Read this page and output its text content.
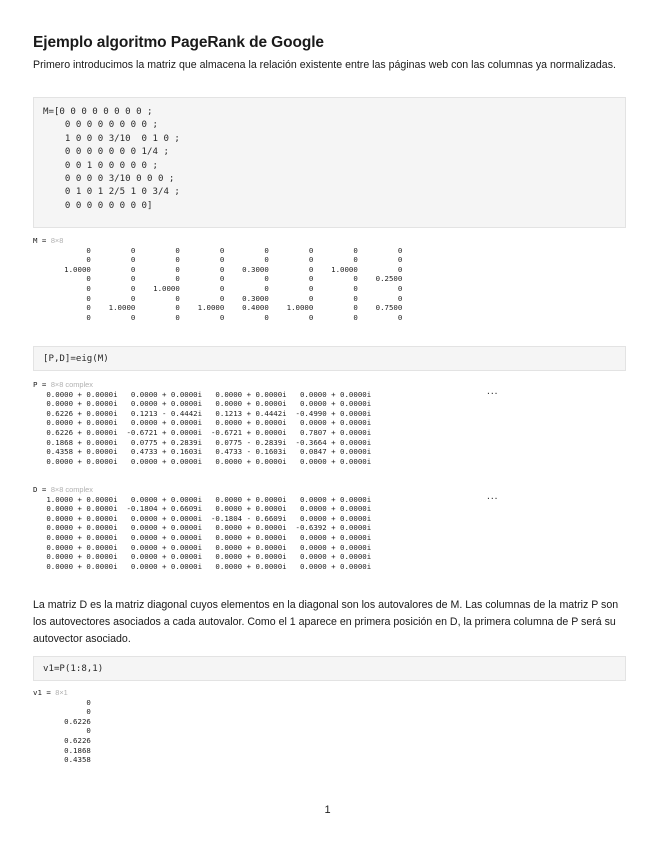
Ejemplo algoritmo PageRank de Google

Primero introducimos la matriz que almacena la relación existente entre las páginas web con las columnas ya normalizadas.

M=[0 0 0 0 0 0 0 0 ;
0 0 0 0 0 0 0 0 ;
1 0 0 0 3/10  0 1 0 ;
0 0 0 0 0 0 0 1/4 ;
0 0 1 0 0 0 0 0 ;
0 0 0 0 3/10 0 0 0 ;
0 1 0 1 2/5 1 0 3/4 ;
0 0 0 0 0 0 0 0]
M = 8×8
0         0         0         0         0         0         0         0
0         0         0         0         0         0         0         0
1.0000         0         0         0    0.3000         0    1.0000         0
0         0         0         0         0         0         0    0.2500
0         0    1.0000         0         0         0         0         0
0         0         0         0    0.3000         0         0         0
0    1.0000         0    1.0000    0.4000    1.0000         0    0.7500
0         0         0         0         0         0         0         0
[P,D]=eig(M)
P = 8×8 complex
0.0000 + 0.0000i   0.0000 + 0.0000i   0.0000 + 0.0000i   0.0000 + 0.0000i
0.0000 + 0.0000i   0.0000 + 0.0000i   0.0000 + 0.0000i   0.0000 + 0.0000i
0.6226 + 0.0000i   0.1213 - 0.4442i   0.1213 + 0.4442i  -0.4990 + 0.0000i
0.0000 + 0.0000i   0.0000 + 0.0000i   0.0000 + 0.0000i   0.0000 + 0.0000i
0.6226 + 0.0000i  -0.6721 + 0.0000i  -0.6721 + 0.0000i   0.7807 + 0.0000i
0.1868 + 0.0000i   0.0775 + 0.2839i   0.0775 - 0.2839i  -0.3664 + 0.0000i
0.4358 + 0.0000i   0.4733 + 0.1603i   0.4733 - 0.1603i   0.0847 + 0.0000i
0.0000 + 0.0000i   0.0000 + 0.0000i   0.0000 + 0.0000i   0.0000 + 0.0000i
···
D = 8×8 complex
1.0000 + 0.0000i   0.0000 + 0.0000i   0.0000 + 0.0000i   0.0000 + 0.0000i
0.0000 + 0.0000i  -0.1804 + 0.6609i   0.0000 + 0.0000i   0.0000 + 0.0000i
0.0000 + 0.0000i   0.0000 + 0.0000i  -0.1804 - 0.6609i   0.0000 + 0.0000i
0.0000 + 0.0000i   0.0000 + 0.0000i   0.0000 + 0.0000i  -0.6392 + 0.0000i
0.0000 + 0.0000i   0.0000 + 0.0000i   0.0000 + 0.0000i   0.0000 + 0.0000i
0.0000 + 0.0000i   0.0000 + 0.0000i   0.0000 + 0.0000i   0.0000 + 0.0000i
0.0000 + 0.0000i   0.0000 + 0.0000i   0.0000 + 0.0000i   0.0000 + 0.0000i
0.0000 + 0.0000i   0.0000 + 0.0000i   0.0000 + 0.0000i   0.0000 + 0.0000i
···

La matriz D es la matriz diagonal cuyos elementos en la diagonal son los autovalores de M. Las columnas de la matriz P son los autovectores asociados a cada autovalor. Como el 1 aparece en primera posición en D, la primera columna de P será su autovector asociado.

v1=P(1:8,1)
v1 = 8×1
0
0
0.6226
0
0.6226
0.1868
0.4358
1
